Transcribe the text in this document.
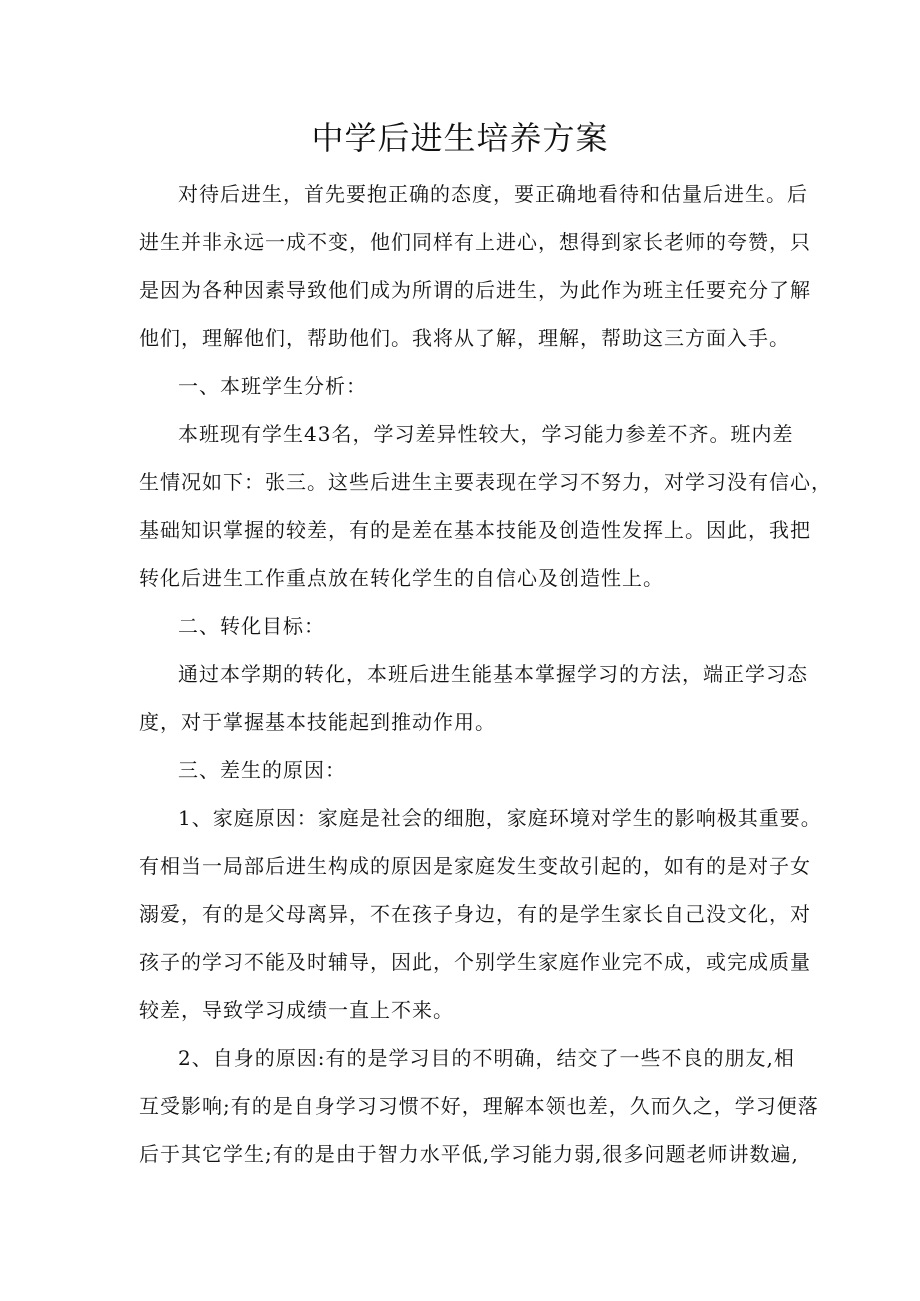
中学后进生培养方案

对待后进生，首先要抱正确的态度，要正确地看待和估量后进生。后

进生并非永远一成不变，他们同样有上进心，想得到家长老师的夸赞，只

是因为各种因素导致他们成为所谓的后进生，为此作为班主任要充分了解

他们，理解他们，帮助他们。我将从了解，理解，帮助这三方面入手。

一、本班学生分析：

本班现有学生43名，学习差异性较大，学习能力参差不齐。班内差

生情况如下：张三。这些后进生主要表现在学习不努力，对学习没有信心，

基础知识掌握的较差，有的是差在基本技能及创造性发挥上。因此，我把

转化后进生工作重点放在转化学生的自信心及创造性上。

二、转化目标：

通过本学期的转化，本班后进生能基本掌握学习的方法，端正学习态

度，对于掌握基本技能起到推动作用。

三、差生的原因：

1、家庭原因：家庭是社会的细胞，家庭环境对学生的影响极其重要。

有相当一局部后进生构成的原因是家庭发生变故引起的，如有的是对子女

溺爱，有的是父母离异，不在孩子身边，有的是学生家长自己没文化，对

孩子的学习不能及时辅导，因此，个别学生家庭作业完不成，或完成质量

较差，导致学习成绩一直上不来。

2、自身的原因:有的是学习目的不明确，结交了一些不良的朋友,相

互受影响;有的是自身学习习惯不好，理解本领也差，久而久之，学习便落

后于其它学生;有的是由于智力水平低,学习能力弱,很多问题老师讲数遍,
